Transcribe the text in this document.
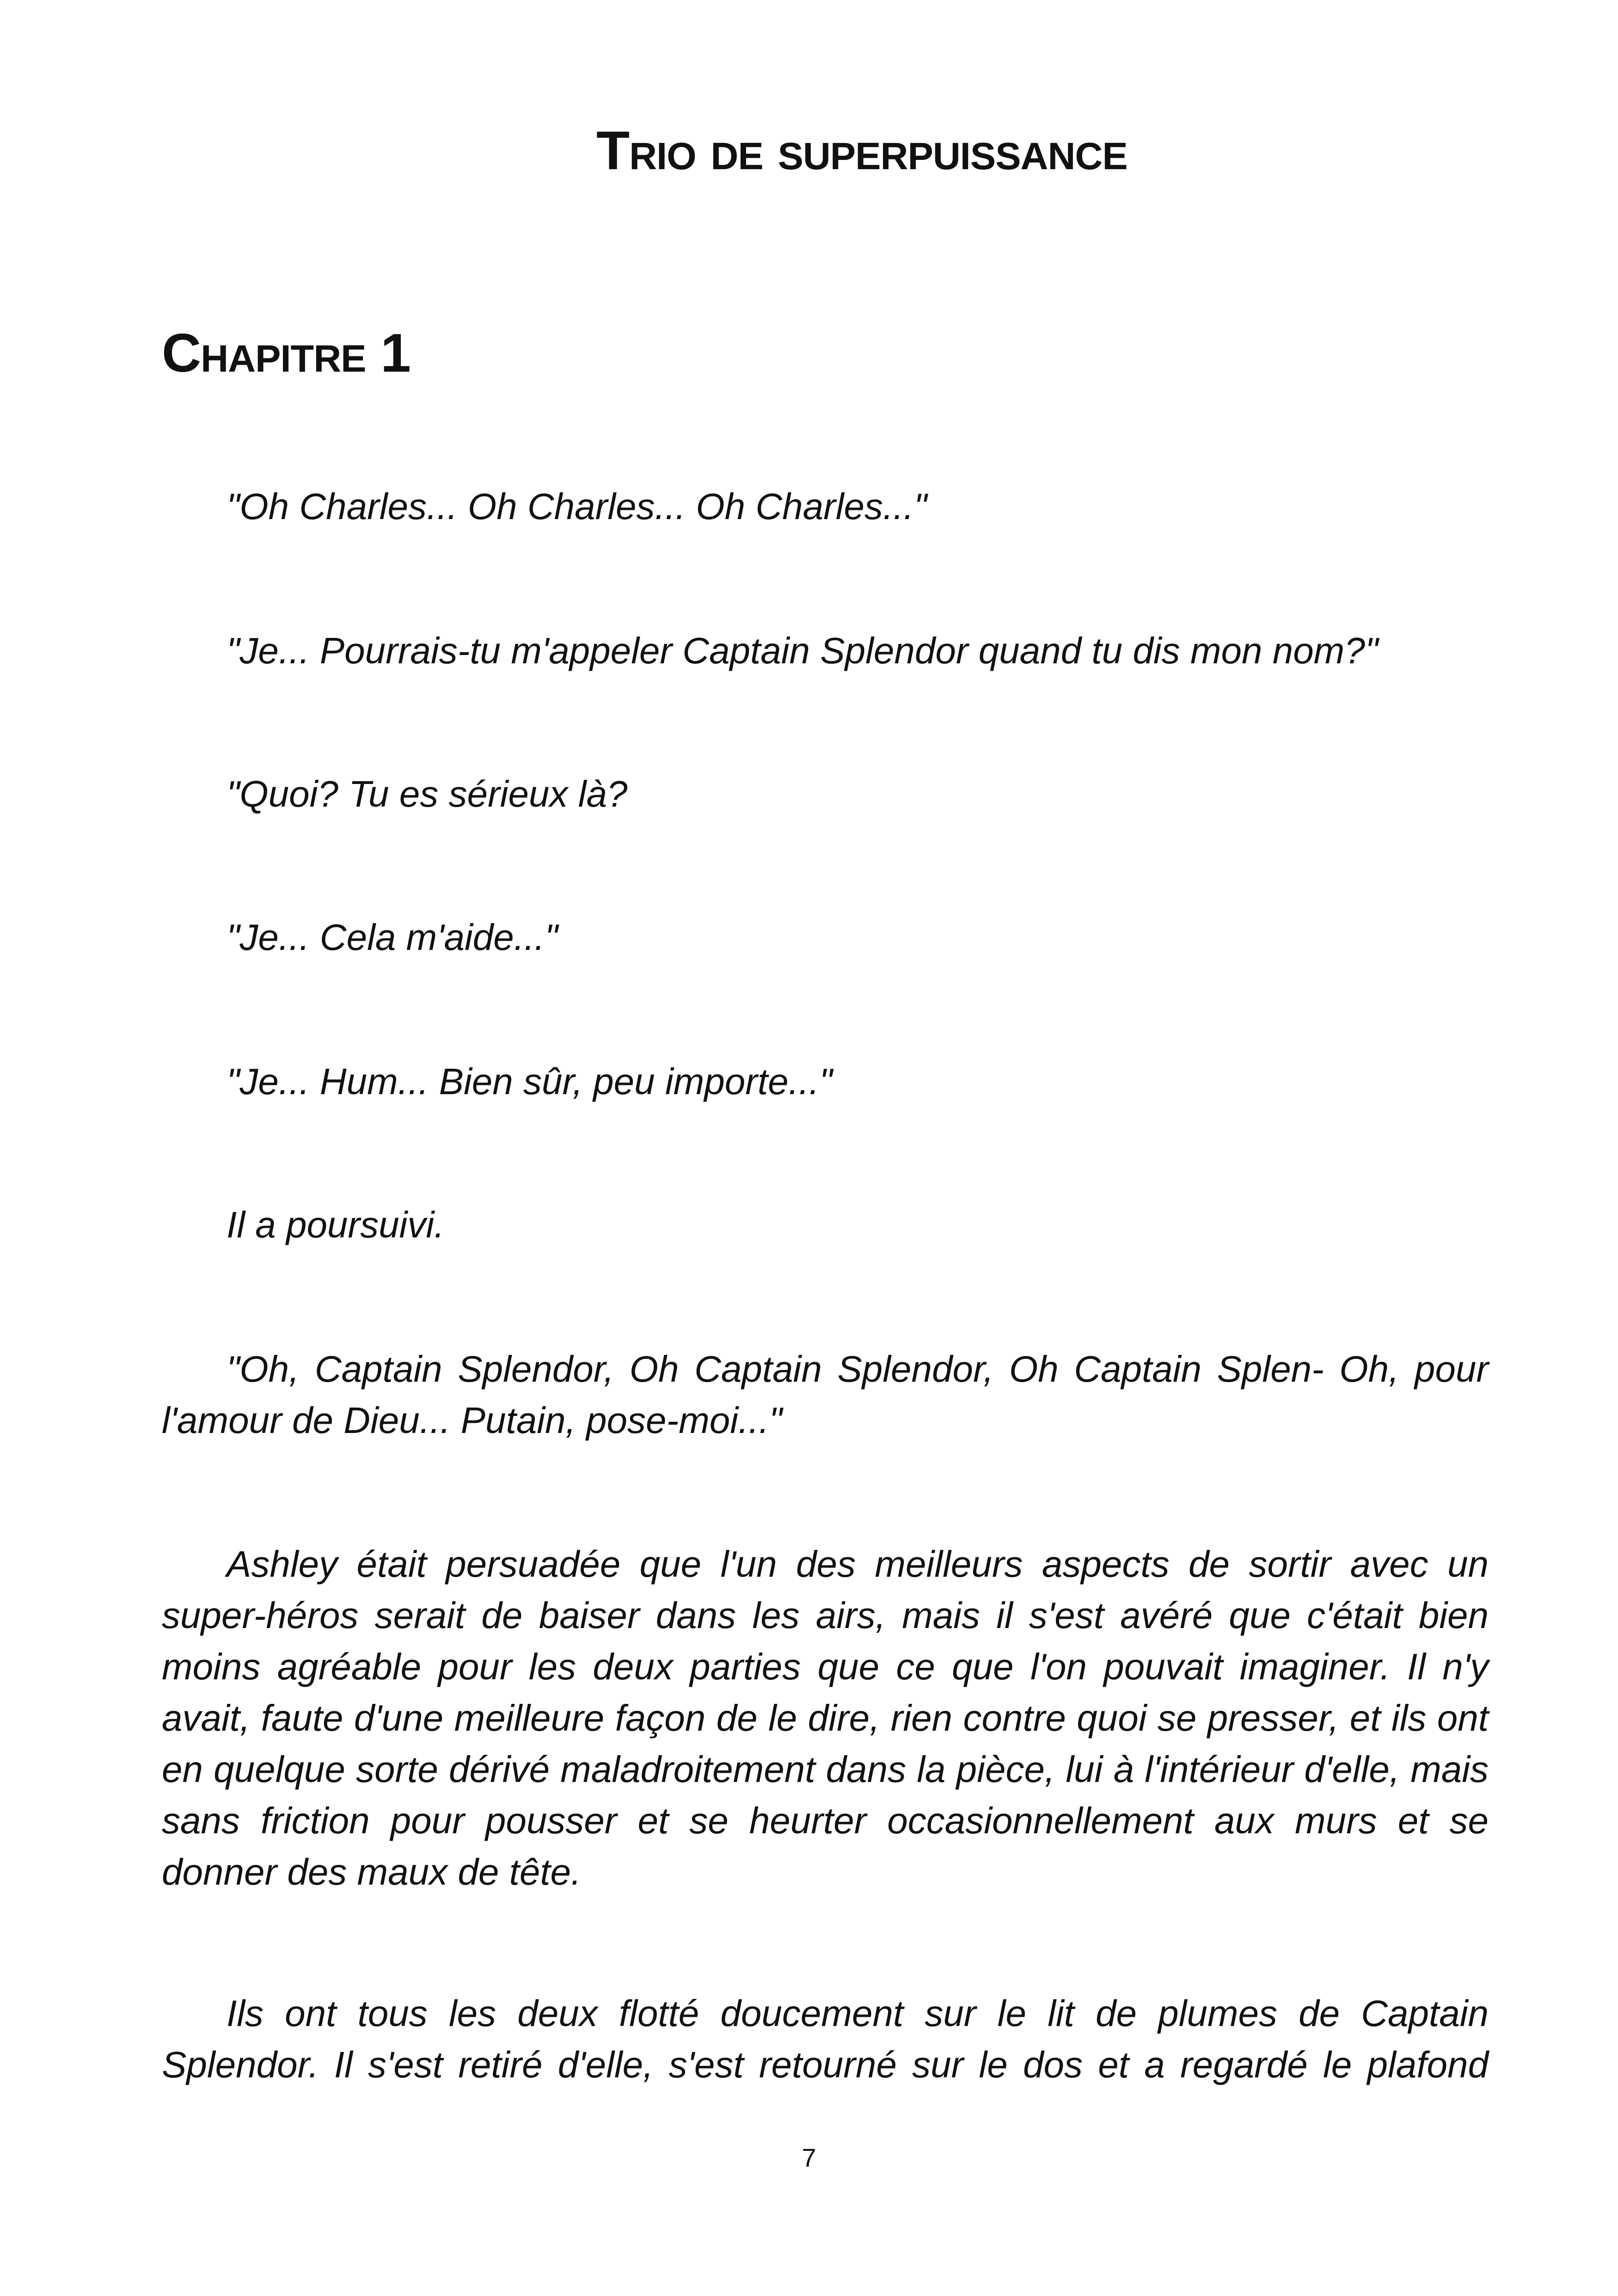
Trio de superpuissance
Chapitre 1

"Oh Charles... Oh Charles... Oh Charles..."

"Je... Pourrais-tu m'appeler Captain Splendor quand tu dis mon nom?"

"Quoi? Tu es sérieux là?

"Je... Cela m'aide..."

"Je... Hum... Bien sûr, peu importe..."

Il a poursuivi.

"Oh, Captain Splendor, Oh Captain Splendor, Oh Captain Splen- Oh, pour l'amour de Dieu... Putain, pose-moi..."

Ashley était persuadée que l'un des meilleurs aspects de sortir avec un super-héros serait de baiser dans les airs, mais il s'est avéré que c'était bien moins agréable pour les deux parties que ce que l'on pouvait imaginer. Il n'y avait, faute d'une meilleure façon de le dire, rien contre quoi se presser, et ils ont en quelque sorte dérivé maladroitement dans la pièce, lui à l'intérieur d'elle, mais sans friction pour pousser et se heurter occasionnellement aux murs et se donner des maux de tête.

Ils ont tous les deux flotté doucement sur le lit de plumes de Captain Splendor. Il s'est retiré d'elle, s'est retourné sur le dos et a regardé le plafond

7
